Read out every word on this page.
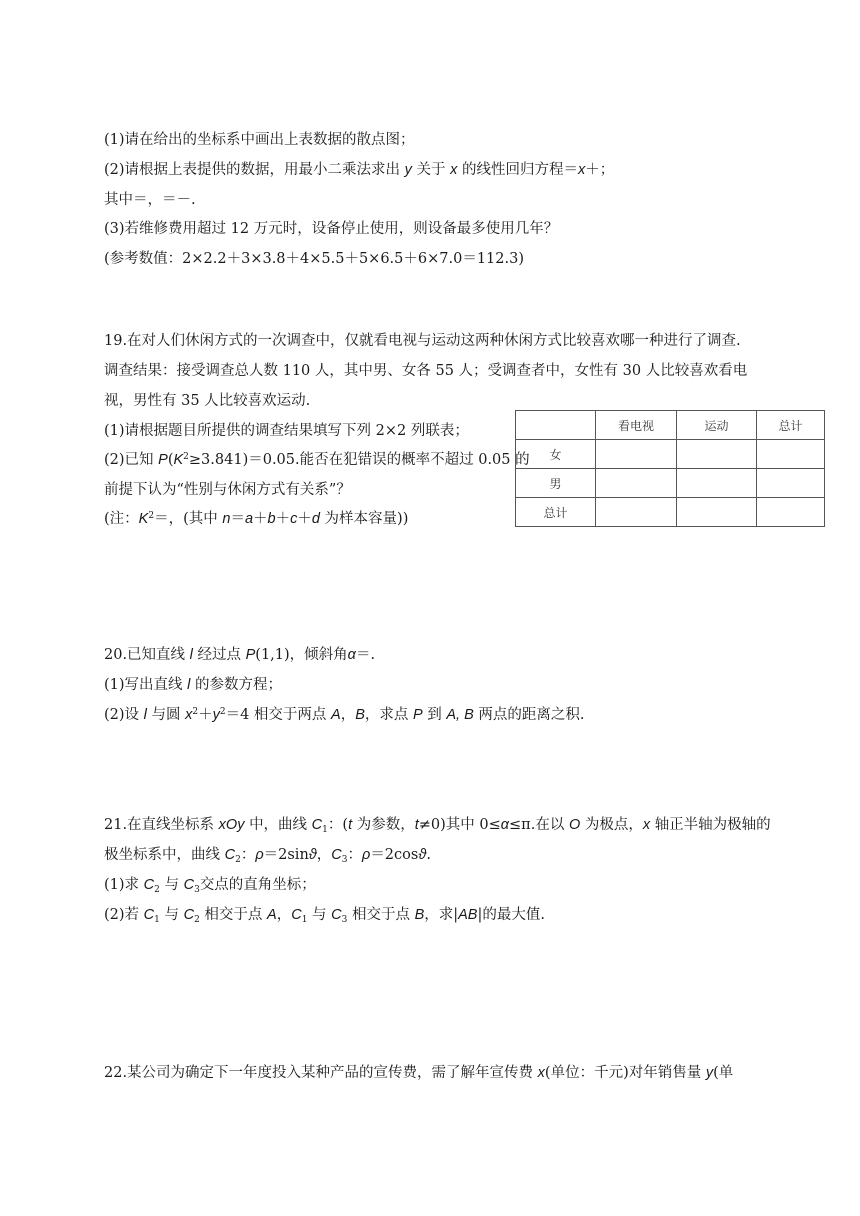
(1)请在给出的坐标系中画出上表数据的散点图；
(2)请根据上表提供的数据，用最小二乘法求出 y 关于 x 的线性回归方程＝x＋；
其中＝，＝－.
(3)若维修费用超过 12 万元时，设备停止使用，则设备最多使用几年？
(参考数值：2×2.2＋3×3.8＋4×5.5＋5×6.5＋6×7.0＝112.3)
19.在对人们休闲方式的一次调查中，仅就看电视与运动这两种休闲方式比较喜欢哪一种进行了调查.
调查结果：接受调查总人数 110 人，其中男、女各 55 人；受调查者中，女性有 30 人比较喜欢看电
视，男性有 35 人比较喜欢运动.
(1)请根据题目所提供的调查结果填写下列 2×2 列联表；
(2)已知 $P(K^2\ge 3.841)=0.05$.能否在犯错误的概率不超过 0.05 的
前提下认为“性别与休闲方式有关系”？
(注：$K^2=$，(其中 n＝a＋b＋c＋d 为样本容量))
	看电视	运动	总计
女			
男			
总计			
20.已知直线 l 经过点 P(1,1)，倾斜角α＝.
(1)写出直线 l 的参数方程；
(2)设 l 与圆 $x^2+y^2=4$ 相交于两点 A，B，求点 P 到 A, B 两点的距离之积.
21.在直线坐标系 xOy 中，曲线 $C_1$：(t 为参数，t≠0)其中 0≤α≤π.在以 O 为极点，x 轴正半轴为极轴的
极坐标系中，曲线 $C_2$：ρ＝2sinϑ，$C_3$：ρ＝2cosϑ.
(1)求 $C_2$ 与 $C_3$交点的直角坐标；
(2)若 $C_1$ 与 $C_2$ 相交于点 A，$C_1$ 与 $C_3$ 相交于点 B，求|AB|的最大值.
22.某公司为确定下一年度投入某种产品的宣传费，需了解年宣传费 x(单位：千元)对年销售量 y(单
